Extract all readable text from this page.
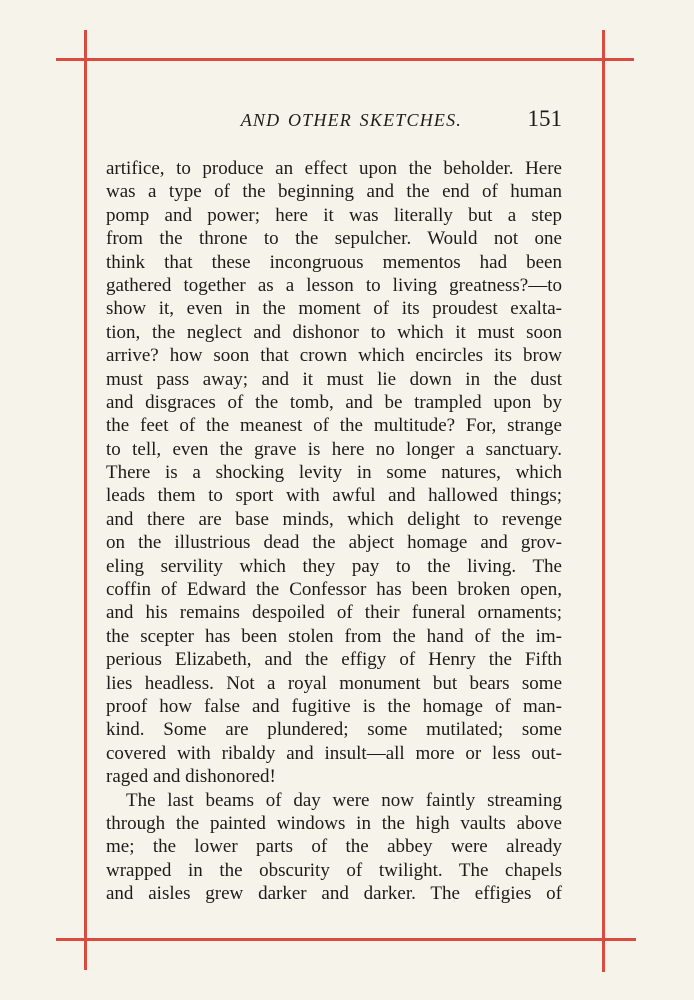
AND OTHER SKETCHES.	151
artifice, to produce an effect upon the beholder. Here
was a type of the beginning and the end of human
pomp and power; here it was literally but a step
from the throne to the sepulcher. Would not one
think that these incongruous mementos had been
gathered together as a lesson to living greatness?—to
show it, even in the moment of its proudest exalta-
tion, the neglect and dishonor to which it must soon
arrive? how soon that crown which encircles its brow
must pass away; and it must lie down in the dust
and disgraces of the tomb, and be trampled upon by
the feet of the meanest of the multitude? For, strange
to tell, even the grave is here no longer a sanctuary.
There is a shocking levity in some natures, which
leads them to sport with awful and hallowed things;
and there are base minds, which delight to revenge
on the illustrious dead the abject homage and grov-
eling servility which they pay to the living. The
coffin of Edward the Confessor has been broken open,
and his remains despoiled of their funeral ornaments;
the scepter has been stolen from the hand of the im-
perious Elizabeth, and the effigy of Henry the Fifth
lies headless. Not a royal monument but bears some
proof how false and fugitive is the homage of man-
kind. Some are plundered; some mutilated; some
covered with ribaldy and insult—all more or less out-
raged and dishonored!
The last beams of day were now faintly streaming
through the painted windows in the high vaults above
me; the lower parts of the abbey were already
wrapped in the obscurity of twilight. The chapels
and aisles grew darker and darker. The effigies of
